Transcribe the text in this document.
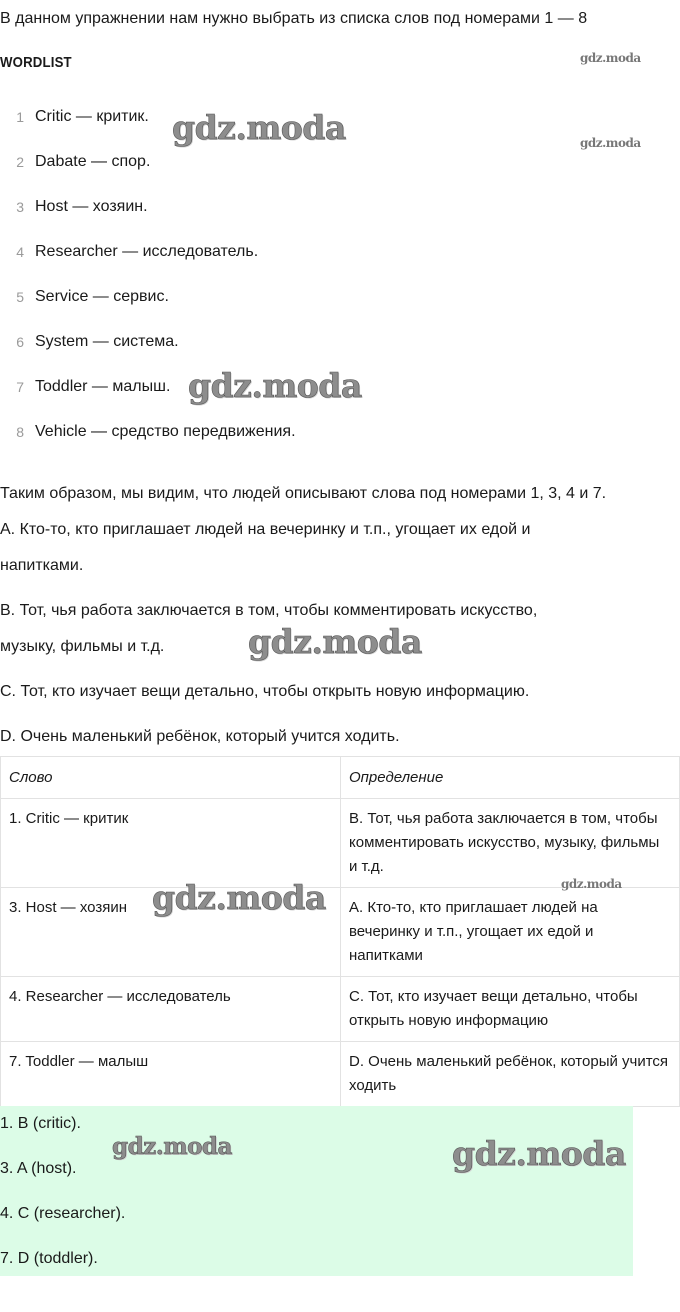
В данном упражнении нам нужно выбрать из списка слов под номерами 1 — 8
WORDLIST
1 Critic — критик.
2 Dabate — спор.
3 Host — хозяин.
4 Researcher — исследователь.
5 Service — сервис.
6 System — система.
7 Toddler — малыш.
8 Vehicle — средство передвижения.
Таким образом, мы видим, что людей описывают слова под номерами 1, 3, 4 и 7.
A. Кто-то, кто приглашает людей на вечеринку и т.п., угощает их едой и
напитками.
B. Тот, чья работа заключается в том, чтобы комментировать искусство,
музыку, фильмы и т.д.
C. Тот, кто изучает вещи детально, чтобы открыть новую информацию.
D. Очень маленький ребёнок, который учится ходить.
Слово	Определение
1. Critic — критик	B. Тот, чья работа заключается в том, чтобы комментировать искусство, музыку, фильмы и т.д.
3. Host — хозяин	A. Кто-то, кто приглашает людей на вечеринку и т.п., угощает их едой и напитками
4. Researcher — исследователь	C. Тот, кто изучает вещи детально, чтобы открыть новую информацию
7. Toddler — малыш	D. Очень маленький ребёнок, который учится ходить
1. B (critic).
3. A (host).
4. C (researcher).
7. D (toddler).
gdz.moda
gdz.moda
gdz.moda
gdz.moda
gdz.moda
gdz.moda
gdz.moda
gdz.moda	gdz.moda
